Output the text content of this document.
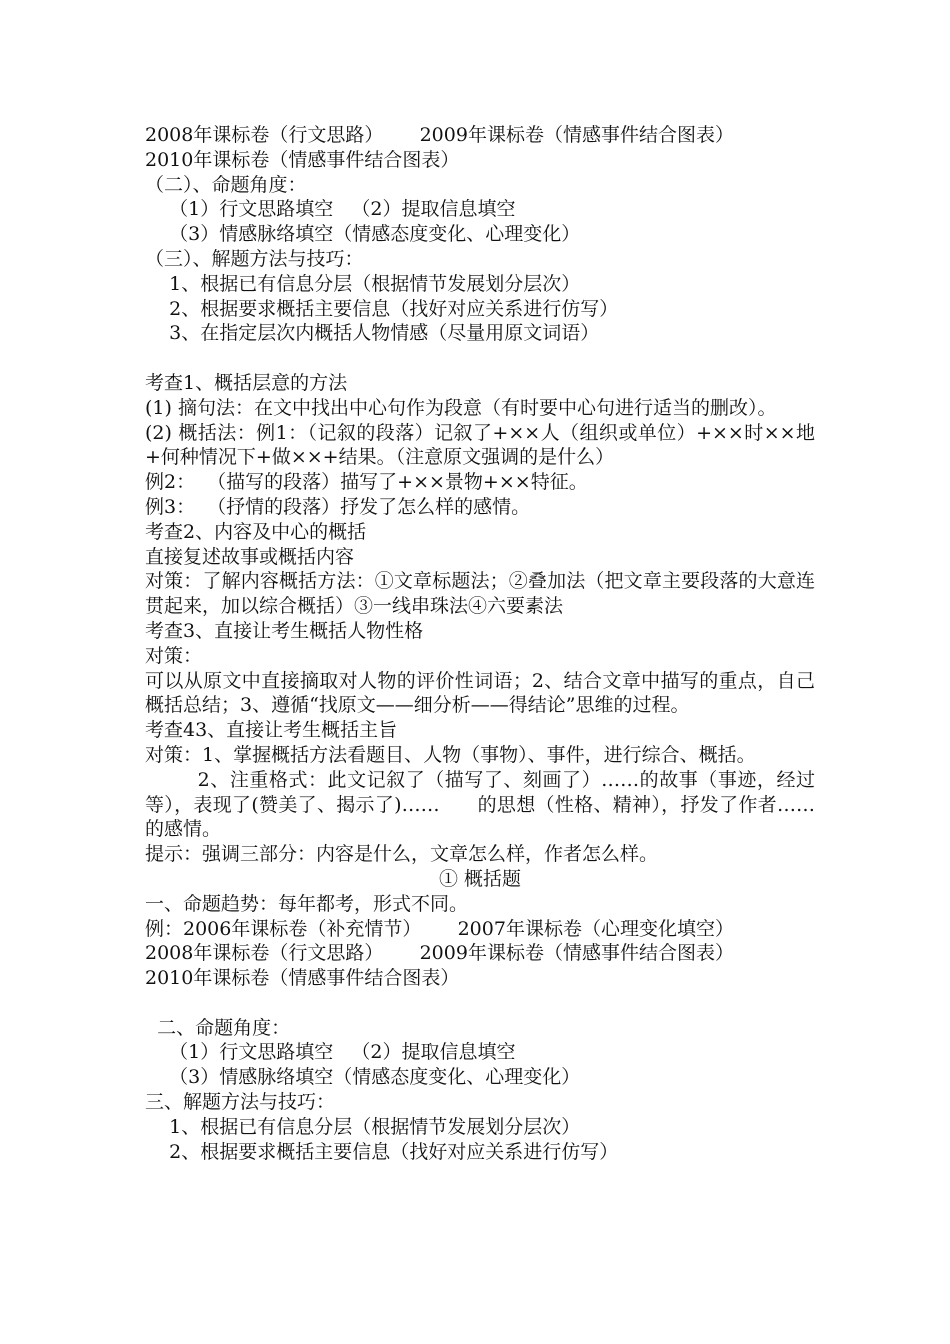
2008年课标卷（行文思路）      2009年课标卷（情感事件结合图表）
2010年课标卷（情感事件结合图表）
（二）、命题角度：
（1）行文思路填空   （2）提取信息填空
（3）情感脉络填空（情感态度变化、心理变化）
（三）、解题方法与技巧：
1、根据已有信息分层（根据情节发展划分层次）
2、根据要求概括主要信息（找好对应关系进行仿写）
3、在指定层次内概括人物情感（尽量用原文词语）
考查1、概括层意的方法
(1) 摘句法：在文中找出中心句作为段意（有时要中心句进行适当的删改）。
(2) 概括法：例1：（记叙的段落）记叙了+××人（组织或单位）+××时××地+何种情况下+做××+结果。（注意原文强调的是什么）
例2：  （描写的段落）描写了+××景物+××特征。
例3：  （抒情的段落）抒发了怎么样的感情。
考查2、内容及中心的概括
直接复述故事或概括内容
对策：了解内容概括方法：①文章标题法；②叠加法（把文章主要段落的大意连贯起来，加以综合概括）③一线串珠法④六要素法
考查3、直接让考生概括人物性格
对策：
可以从原文中直接摘取对人物的评价性词语；2、结合文章中描写的重点，自己概括总结；3、遵循“找原文——细分析——得结论”思维的过程。
考查43、直接让考生概括主旨
对策：1、掌握概括方法看题目、人物（事物）、事件，进行综合、概括。
2、注重格式：此文记叙了（描写了、刻画了）……的故事（事迹，经过等），表现了(赞美了、揭示了)……      的思想（性格、精神），抒发了作者……的感情。
提示：强调三部分：内容是什么，文章怎么样，作者怎么样。
① 概括题
一、命题趋势：每年都考，形式不同。
例：2006年课标卷（补充情节）      2007年课标卷（心理变化填空）
2008年课标卷（行文思路）      2009年课标卷（情感事件结合图表）
2010年课标卷（情感事件结合图表）
二、命题角度：
（1）行文思路填空   （2）提取信息填空
（3）情感脉络填空（情感态度变化、心理变化）
三、解题方法与技巧：
1、根据已有信息分层（根据情节发展划分层次）
2、根据要求概括主要信息（找好对应关系进行仿写）
